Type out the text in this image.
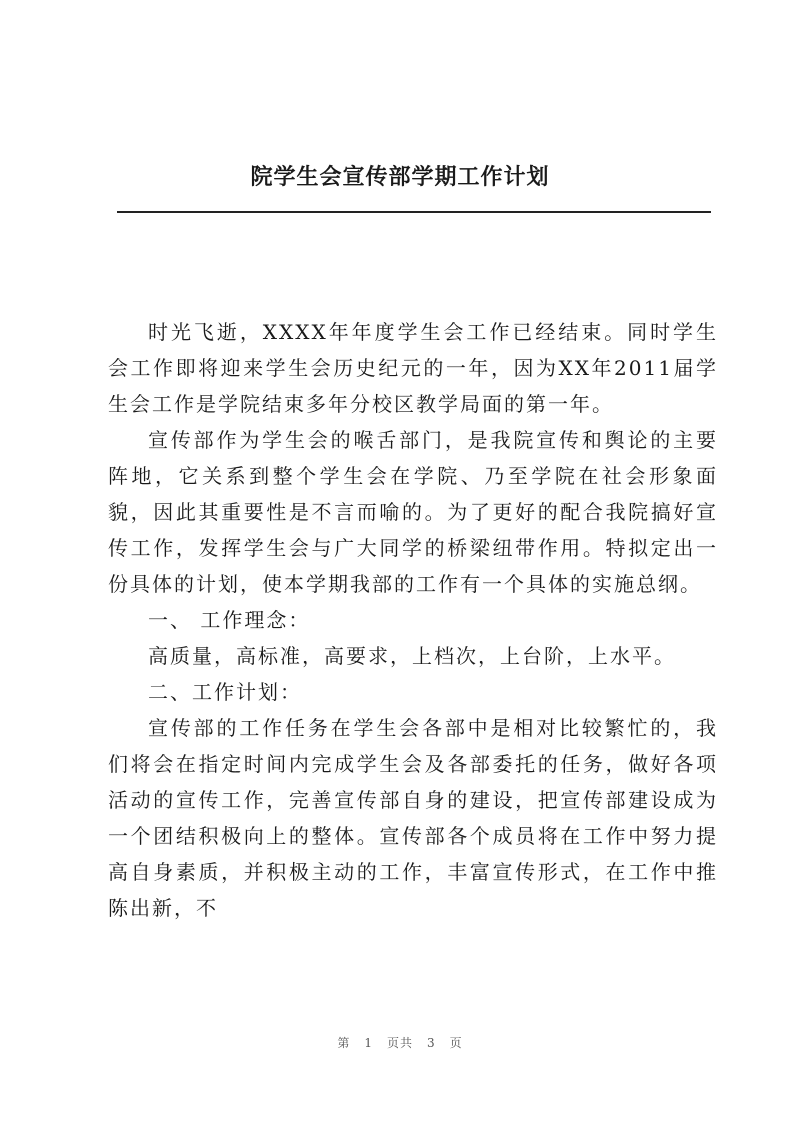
院学生会宣传部学期工作计划

时光飞逝，XXXX年年度学生会工作已经结束。同时学生会工作即将迎来学生会历史纪元的一年，因为XX年2011届学生会工作是学院结束多年分校区教学局面的第一年。

宣传部作为学生会的喉舌部门，是我院宣传和舆论的主要阵地，它关系到整个学生会在学院、乃至学院在社会形象面貌，因此其重要性是不言而喻的。为了更好的配合我院搞好宣传工作，发挥学生会与广大同学的桥梁纽带作用。特拟定出一份具体的计划，使本学期我部的工作有一个具体的实施总纲。

一、 工作理念：

高质量，高标准，高要求，上档次，上台阶，上水平。

二、工作计划：

宣传部的工作任务在学生会各部中是相对比较繁忙的，我们将会在指定时间内完成学生会及各部委托的任务，做好各项活动的宣传工作，完善宣传部自身的建设，把宣传部建设成为一个团结积极向上的整体。宣传部各个成员将在工作中努力提高自身素质，并积极主动的工作，丰富宣传形式，在工作中推陈出新，不

第 1 页共 3 页
